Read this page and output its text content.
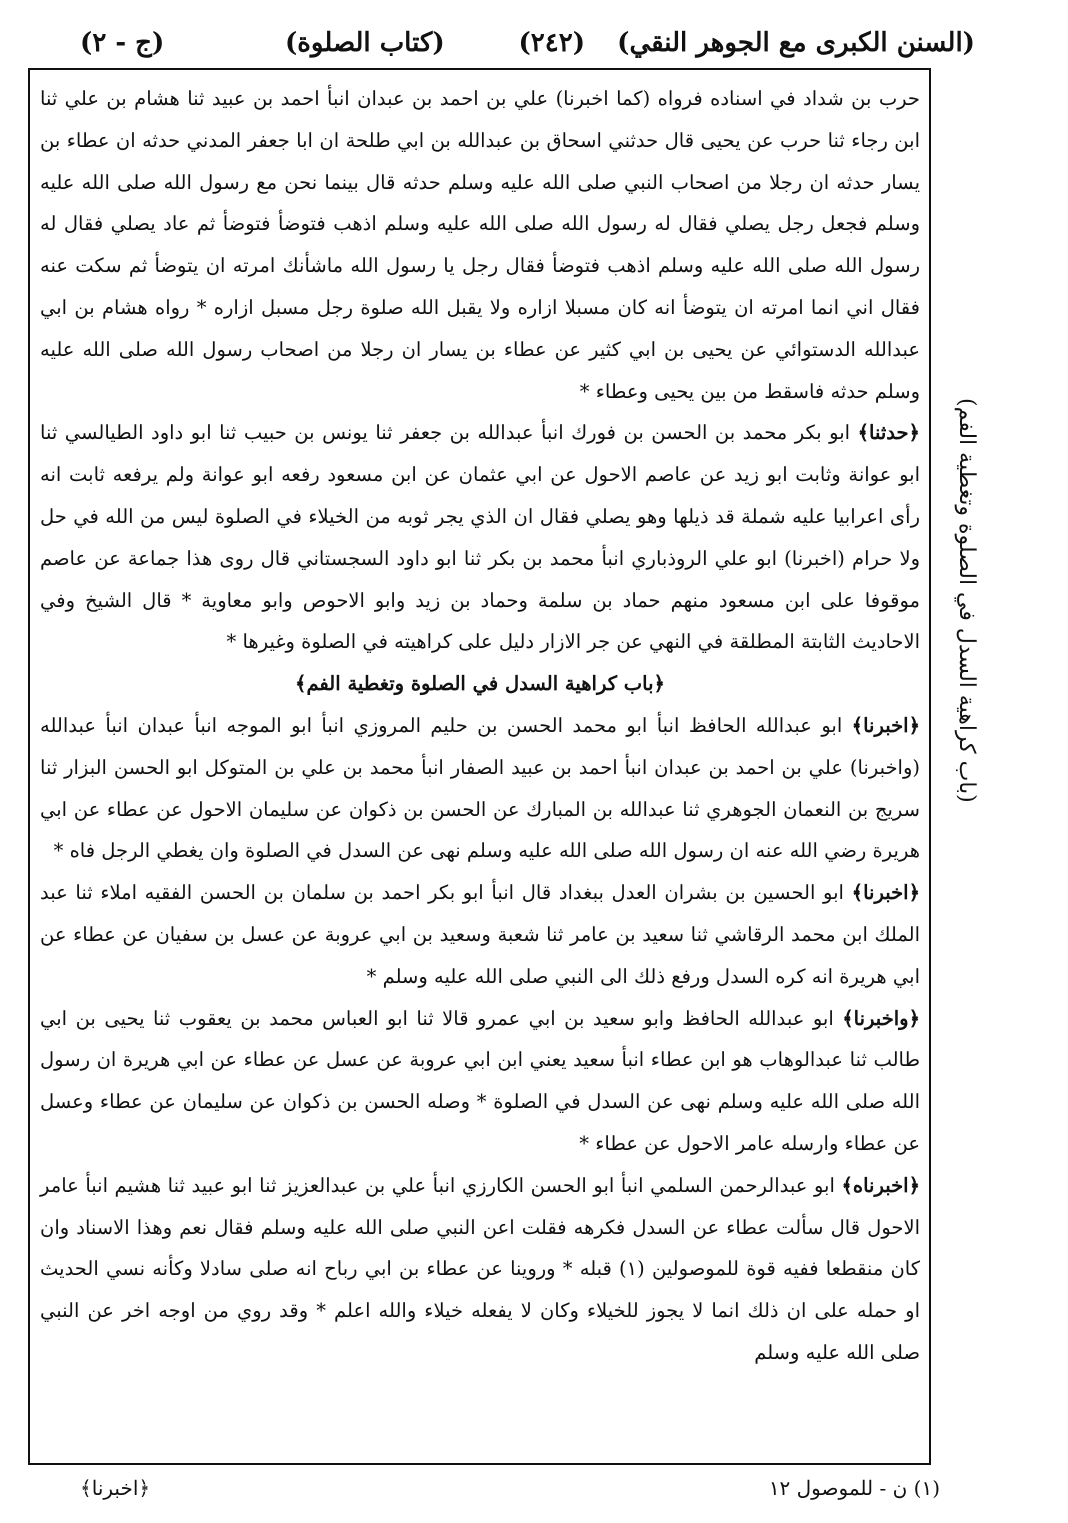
(السنن الكبرى مع الجوهر النقي)
(٢٤٢)
(كتاب الصلوة)
(ج - ٢)

حرب بن شداد في اسناده فرواه (كما اخبرنا) علي بن احمد بن عبدان انبأ احمد بن عبيد ثنا هشام بن علي ثنا ابن رجاء ثنا حرب عن يحيى قال حدثني اسحاق بن عبدالله بن ابي طلحة ان ابا جعفر المدني حدثه ان عطاء بن يسار حدثه ان رجلا من اصحاب النبي صلى الله عليه وسلم حدثه قال بينما نحن مع رسول الله صلى الله عليه وسلم فجعل رجل يصلي فقال له رسول الله صلى الله عليه وسلم اذهب فتوضأ فتوضأ ثم عاد يصلي فقال له رسول الله صلى الله عليه وسلم اذهب فتوضأ فقال رجل يا رسول الله ماشأنك امرته ان يتوضأ ثم سكت عنه فقال اني انما امرته ان يتوضأ انه كان مسبلا ازاره ولا يقبل الله صلوة رجل مسبل ازاره * رواه هشام بن ابي عبدالله الدستوائي عن يحيى بن ابي كثير عن عطاء بن يسار ان رجلا من اصحاب رسول الله صلى الله عليه وسلم حدثه فاسقط من بين يحيى وعطاء *

﴿حدثنا﴾ ابو بكر محمد بن الحسن بن فورك انبأ عبدالله بن جعفر ثنا يونس بن حبيب ثنا ابو داود الطيالسي ثنا ابو عوانة وثابت ابو زيد عن عاصم الاحول عن ابي عثمان عن ابن مسعود رفعه ابو عوانة ولم يرفعه ثابت انه رأى اعرابيا عليه شملة قد ذيلها وهو يصلي فقال ان الذي يجر ثوبه من الخيلاء في الصلوة ليس من الله في حل ولا حرام (اخبرنا) ابو علي الروذباري انبأ محمد بن بكر ثنا ابو داود السجستاني قال روى هذا جماعة عن عاصم موقوفا على ابن مسعود منهم حماد بن سلمة وحماد بن زيد وابو الاحوص وابو معاوية * قال الشيخ وفي الاحاديث الثابتة المطلقة في النهي عن جر الازار دليل على كراهيته في الصلوة وغيرها *

﴿باب كراهية السدل في الصلوة وتغطية الفم﴾

﴿اخبرنا﴾ ابو عبدالله الحافظ انبأ ابو محمد الحسن بن حليم المروزي انبأ ابو الموجه انبأ عبدان انبأ عبدالله (واخبرنا) علي بن احمد بن عبدان انبأ احمد بن عبيد الصفار انبأ محمد بن علي بن المتوكل ابو الحسن البزار ثنا سريج بن النعمان الجوهري ثنا عبدالله بن المبارك عن الحسن بن ذكوان عن سليمان الاحول عن عطاء عن ابي هريرة رضي الله عنه ان رسول الله صلى الله عليه وسلم نهى عن السدل في الصلوة وان يغطي الرجل فاه *

﴿اخبرنا﴾ ابو الحسين بن بشران العدل ببغداد قال انبأ ابو بكر احمد بن سلمان بن الحسن الفقيه املاء ثنا عبد الملك ابن محمد الرقاشي ثنا سعيد بن عامر ثنا شعبة وسعيد بن ابي عروبة عن عسل بن سفيان عن عطاء عن ابي هريرة انه كره السدل ورفع ذلك الى النبي صلى الله عليه وسلم *

﴿واخبرنا﴾ ابو عبدالله الحافظ وابو سعيد بن ابي عمرو قالا ثنا ابو العباس محمد بن يعقوب ثنا يحيى بن ابي طالب ثنا عبدالوهاب هو ابن عطاء انبأ سعيد يعني ابن ابي عروبة عن عسل عن عطاء عن ابي هريرة ان رسول الله صلى الله عليه وسلم نهى عن السدل في الصلوة * وصله الحسن بن ذكوان عن سليمان عن عطاء وعسل عن عطاء وارسله عامر الاحول عن عطاء *

﴿اخبرناه﴾ ابو عبدالرحمن السلمي انبأ ابو الحسن الكارزي انبأ علي بن عبدالعزيز ثنا ابو عبيد ثنا هشيم انبأ عامر الاحول قال سألت عطاء عن السدل فكرهه فقلت اعن النبي صلى الله عليه وسلم فقال نعم وهذا الاسناد وان كان منقطعا ففيه قوة للموصولين (١) قبله * وروينا عن عطاء بن ابي رباح انه صلى سادلا وكأنه نسي الحديث او حمله على ان ذلك انما لا يجوز للخيلاء وكان لا يفعله خيلاء والله اعلم * وقد روي من اوجه اخر عن النبي صلى الله عليه وسلم

(باب كراهية السدل في الصلوة وتغطية الفم)
(١) ن - للموصول ١٢
﴿اخبرنا﴾
